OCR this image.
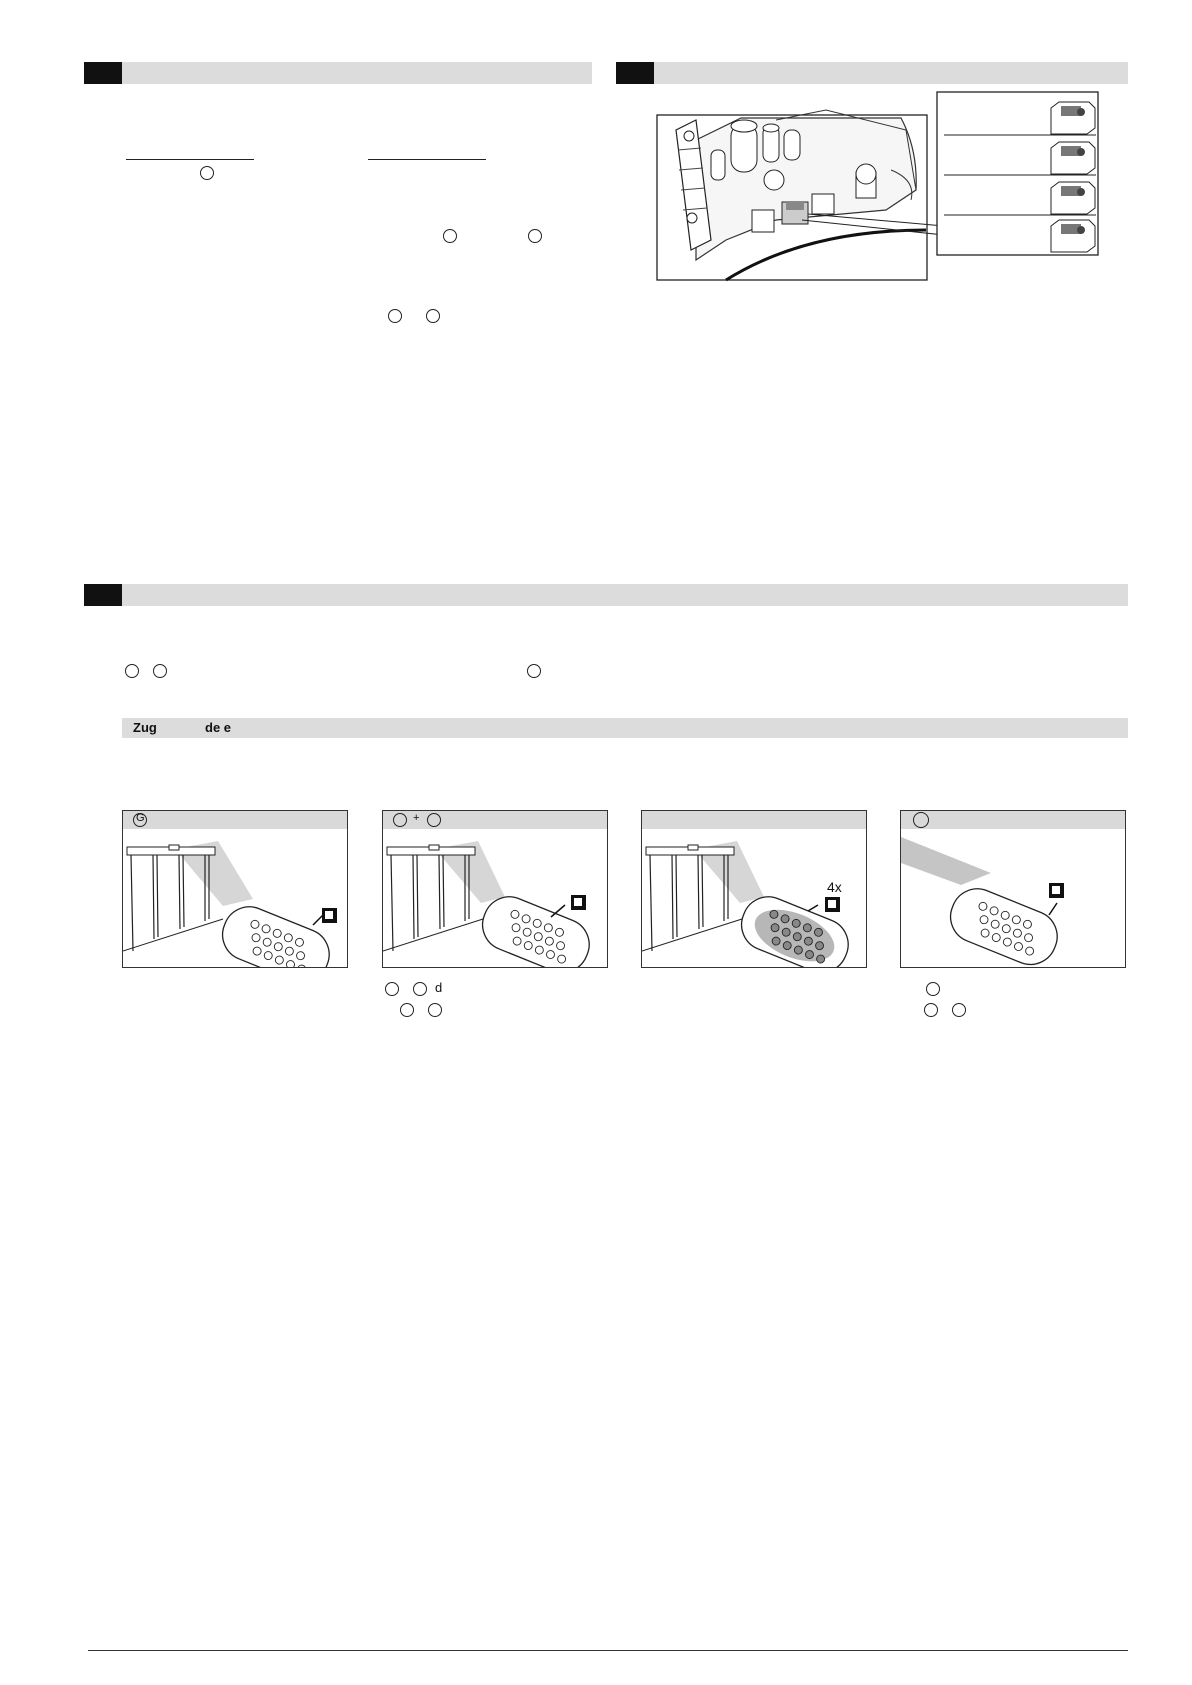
Zug	de e
G	+
d
4x
